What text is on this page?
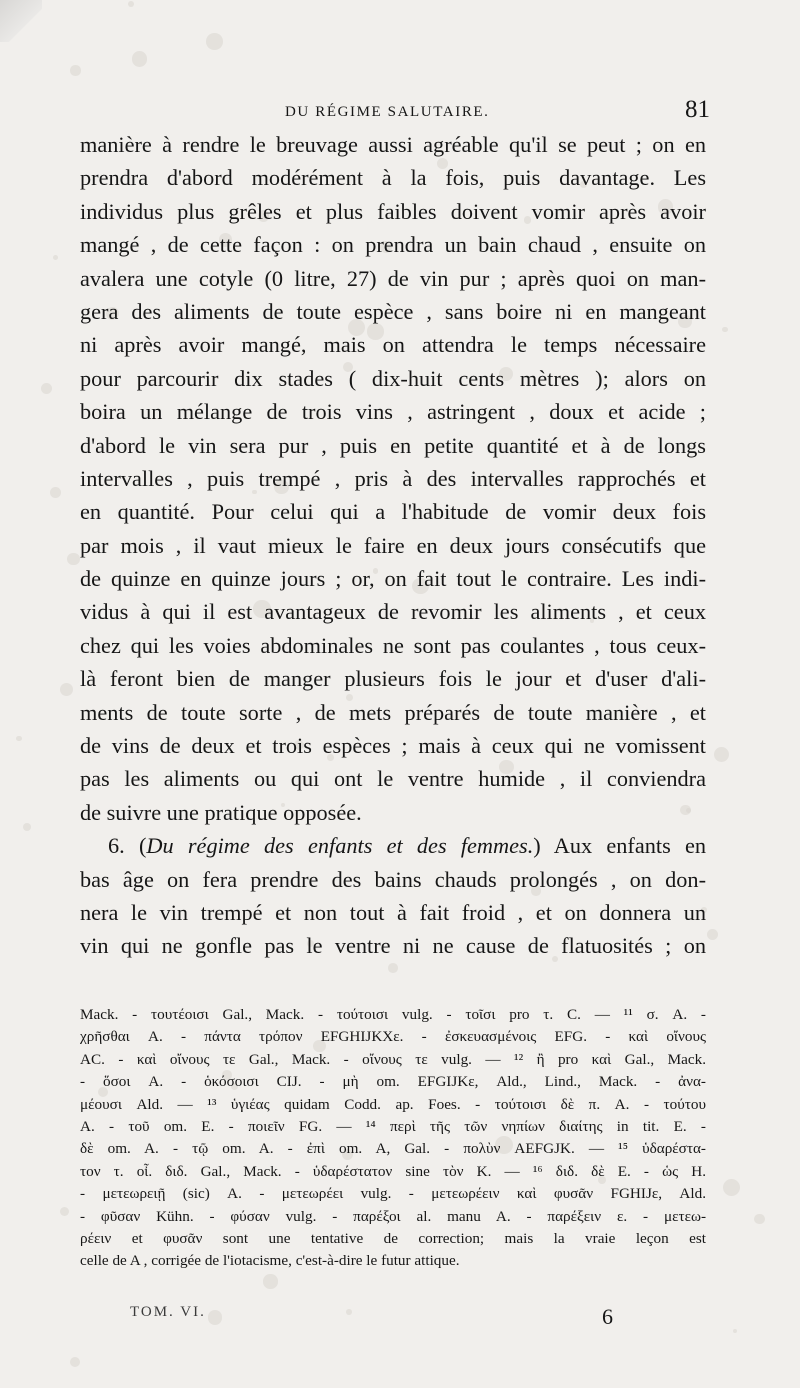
DU RÉGIME SALUTAIRE.	81
manière à rendre le breuvage aussi agréable qu'il se peut ; on en
prendra d'abord modérément à la fois, puis davantage. Les
individus plus grêles et plus faibles doivent vomir après avoir
mangé , de cette façon : on prendra un bain chaud , ensuite on
avalera une cotyle (0 litre, 27) de vin pur ; après quoi on man-
gera des aliments de toute espèce , sans boire ni en mangeant
ni après avoir mangé, mais on attendra le temps nécessaire
pour parcourir dix stades ( dix-huit cents mètres ); alors on
boira un mélange de trois vins , astringent , doux et acide ;
d'abord le vin sera pur , puis en petite quantité et à de longs
intervalles , puis trempé , pris à des intervalles rapprochés et
en quantité. Pour celui qui a l'habitude de vomir deux fois
par mois , il vaut mieux le faire en deux jours consécutifs que
de quinze en quinze jours ; or, on fait tout le contraire. Les indi-
vidus à qui il est avantageux de revomir les aliments , et ceux
chez qui les voies abdominales ne sont pas coulantes , tous ceux-
là feront bien de manger plusieurs fois le jour et d'user d'ali-
ments de toute sorte , de mets préparés de toute manière , et
de vins de deux et trois espèces ; mais à ceux qui ne vomissent
pas les aliments ou qui ont le ventre humide , il conviendra
de suivre une pratique opposée.
6. (Du régime des enfants et des femmes.) Aux enfants en
bas âge on fera prendre des bains chauds prolongés , on don-
nera le vin trempé et non tout à fait froid , et on donnera un
vin qui ne gonfle pas le ventre ni ne cause de flatuosités ; on
Mack. - τουτέοισι Gal., Mack. - τούτοισι vulg. - τοῖσι pro τ. C. — ¹¹ σ. A. -
χρῆσθαι A. - πάντα τρόπον EFGHIJKXε. - ἐσκευασμένοις EFG. - καὶ οἴνους
AC. - καὶ οἴνους τε Gal., Mack. - οἴνους τε vulg. — ¹² ἢ pro καὶ Gal., Mack.
- ὅσοι A. - ὁκόσοισι CIJ. - μὴ om. EFGIJKε, Ald., Lind., Mack. - ἀνα-
μέουσι Ald. — ¹³ ὑγιέας quidam Codd. ap. Foes. - τούτοισι δὲ π. A. - τούτου
A. - τοῦ om. E. - ποιεῖν FG. — ¹⁴ περὶ τῆς τῶν νηπίων διαίτης in tit. E. -
δὲ om. A. - τῷ om. A. - ἐπὶ om. A, Gal. - πολὺν AEFGJK. — ¹⁵ ὑδαρέστα-
τον τ. οἶ. διδ. Gal., Mack. - ὑδαρέστατον sine τὸν K. — ¹⁶ διδ. δὲ E. - ὡς H.
- μετεωρειῇ (sic) A. - μετεωρέει vulg. - μετεωρέειν καὶ φυσᾶν FGHIJε, Ald.
- φῦσαν Kühn. - φύσαν vulg. - παρέξοι al. manu A. - παρέξειν ε. - μετεω-
ρέειν et φυσᾶν sont une tentative de correction; mais la vraie leçon est
celle de A , corrigée de l'iotacisme, c'est-à-dire le futur attique.
TOM. VI.	6
